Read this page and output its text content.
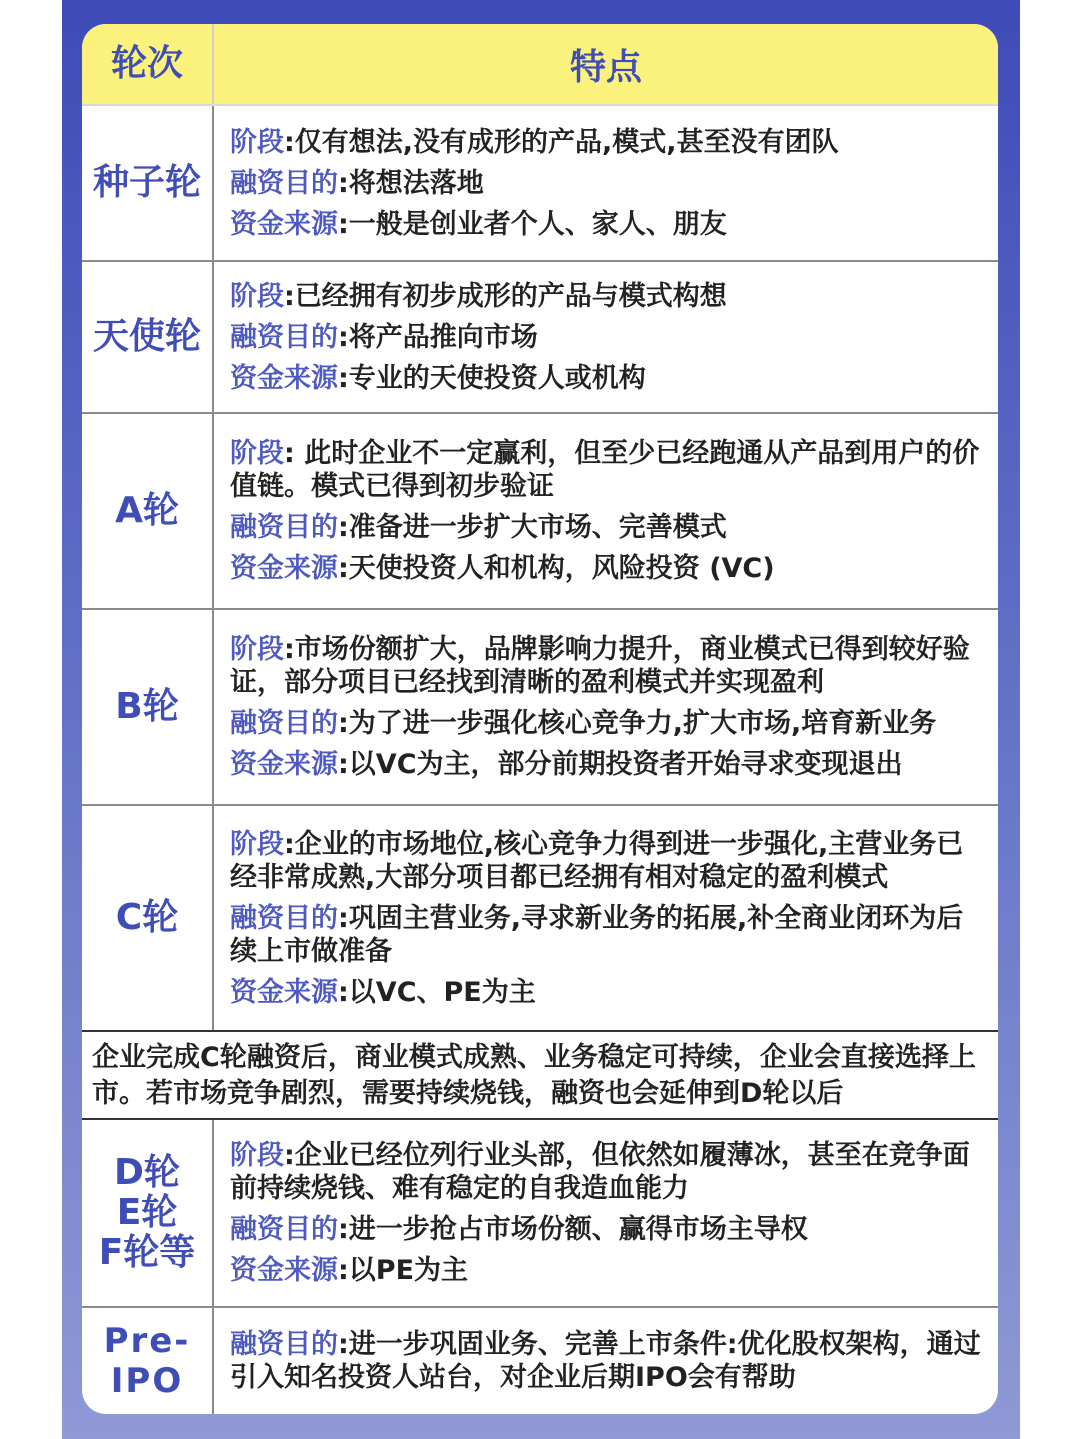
轮次	特点
种子轮
阶段:仅有想法,没有成形的产品,模式,甚至没有团队
融资目的:将想法落地
资金来源:一般是创业者个人、家人、朋友
天使轮
阶段:已经拥有初步成形的产品与模式构想
融资目的:将产品推向市场
资金来源:专业的天使投资人或机构
A轮
阶段: 此时企业不一定赢利，但至少已经跑通从产品到用户的价值链。模式已得到初步验证
融资目的:准备进一步扩大市场、完善模式
资金来源:天使投资人和机构，风险投资 (VC)
B轮
阶段:市场份额扩大，品牌影响力提升，商业模式已得到较好验证，部分项目已经找到清晰的盈利模式并实现盈利
融资目的:为了进一步强化核心竞争力,扩大市场,培育新业务
资金来源:以VC为主，部分前期投资者开始寻求变现退出
C轮
阶段:企业的市场地位,核心竞争力得到进一步强化,主营业务已经非常成熟,大部分项目都已经拥有相对稳定的盈利模式
融资目的:巩固主营业务,寻求新业务的拓展,补全商业闭环为后续上市做准备
资金来源:以VC、PE为主
企业完成C轮融资后，商业模式成熟、业务稳定可持续，企业会直接选择上市。若市场竞争剧烈，需要持续烧钱，融资也会延伸到D轮以后
D轮
E轮
F轮等
阶段:企业已经位列行业头部，但依然如履薄冰，甚至在竞争面前持续烧钱、难有稳定的自我造血能力
融资目的:进一步抢占市场份额、赢得市场主导权
资金来源:以PE为主
Pre-
IPO
融资目的:进一步巩固业务、完善上市条件:优化股权架构，通过引入知名投资人站台，对企业后期IPO会有帮助
